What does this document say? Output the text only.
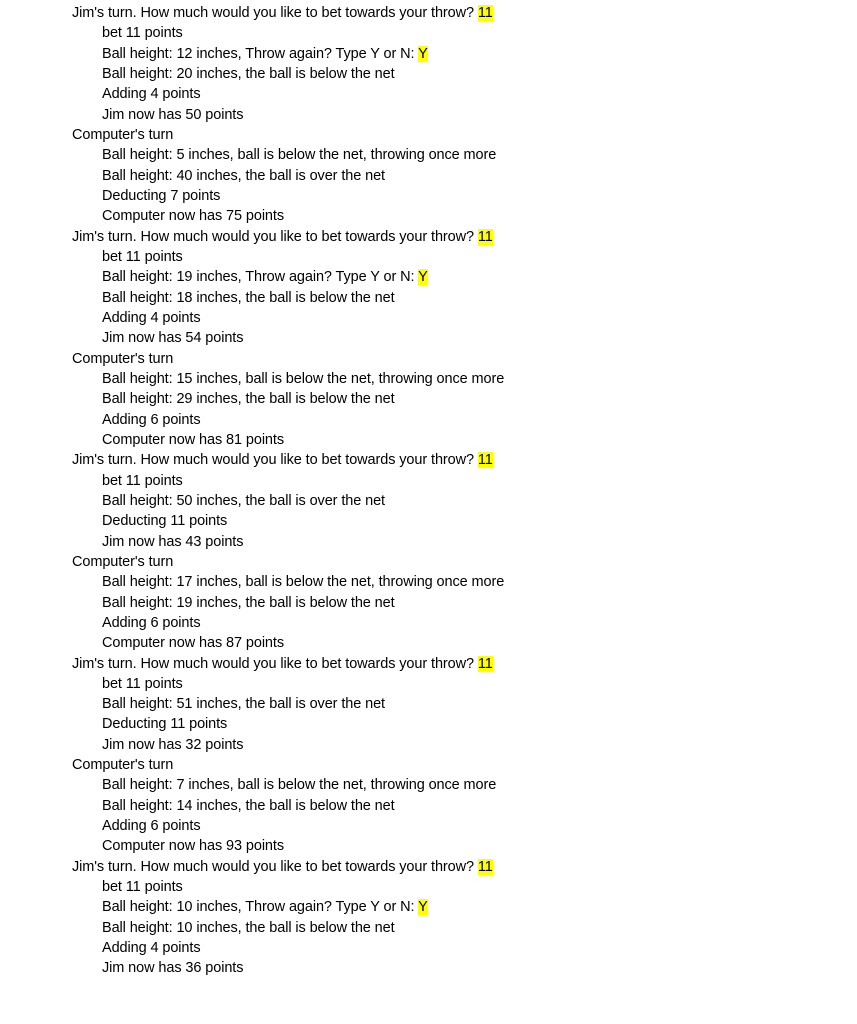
Jim's turn. How much would you like to bet towards your throw? 11
bet 11 points
Ball height: 12 inches, Throw again? Type Y or N: Y
Ball height: 20 inches, the ball is below the net
Adding 4 points
Jim now has 50 points
Computer's turn
Ball height: 5 inches, ball is below the net, throwing once more
Ball height: 40 inches, the ball is over the net
Deducting 7 points
Computer now has 75 points
Jim's turn. How much would you like to bet towards your throw? 11
bet 11 points
Ball height: 19 inches, Throw again? Type Y or N: Y
Ball height: 18 inches, the ball is below the net
Adding 4 points
Jim now has 54 points
Computer's turn
Ball height: 15 inches, ball is below the net, throwing once more
Ball height: 29 inches, the ball is below the net
Adding 6 points
Computer now has 81 points
Jim's turn. How much would you like to bet towards your throw? 11
bet 11 points
Ball height: 50 inches, the ball is over the net
Deducting 11 points
Jim now has 43 points
Computer's turn
Ball height: 17 inches, ball is below the net, throwing once more
Ball height: 19 inches, the ball is below the net
Adding 6 points
Computer now has 87 points
Jim's turn. How much would you like to bet towards your throw? 11
bet 11 points
Ball height: 51 inches, the ball is over the net
Deducting 11 points
Jim now has 32 points
Computer's turn
Ball height: 7 inches, ball is below the net, throwing once more
Ball height: 14 inches, the ball is below the net
Adding 6 points
Computer now has 93 points
Jim's turn. How much would you like to bet towards your throw? 11
bet 11 points
Ball height: 10 inches, Throw again? Type Y or N: Y
Ball height: 10 inches, the ball is below the net
Adding 4 points
Jim now has 36 points
